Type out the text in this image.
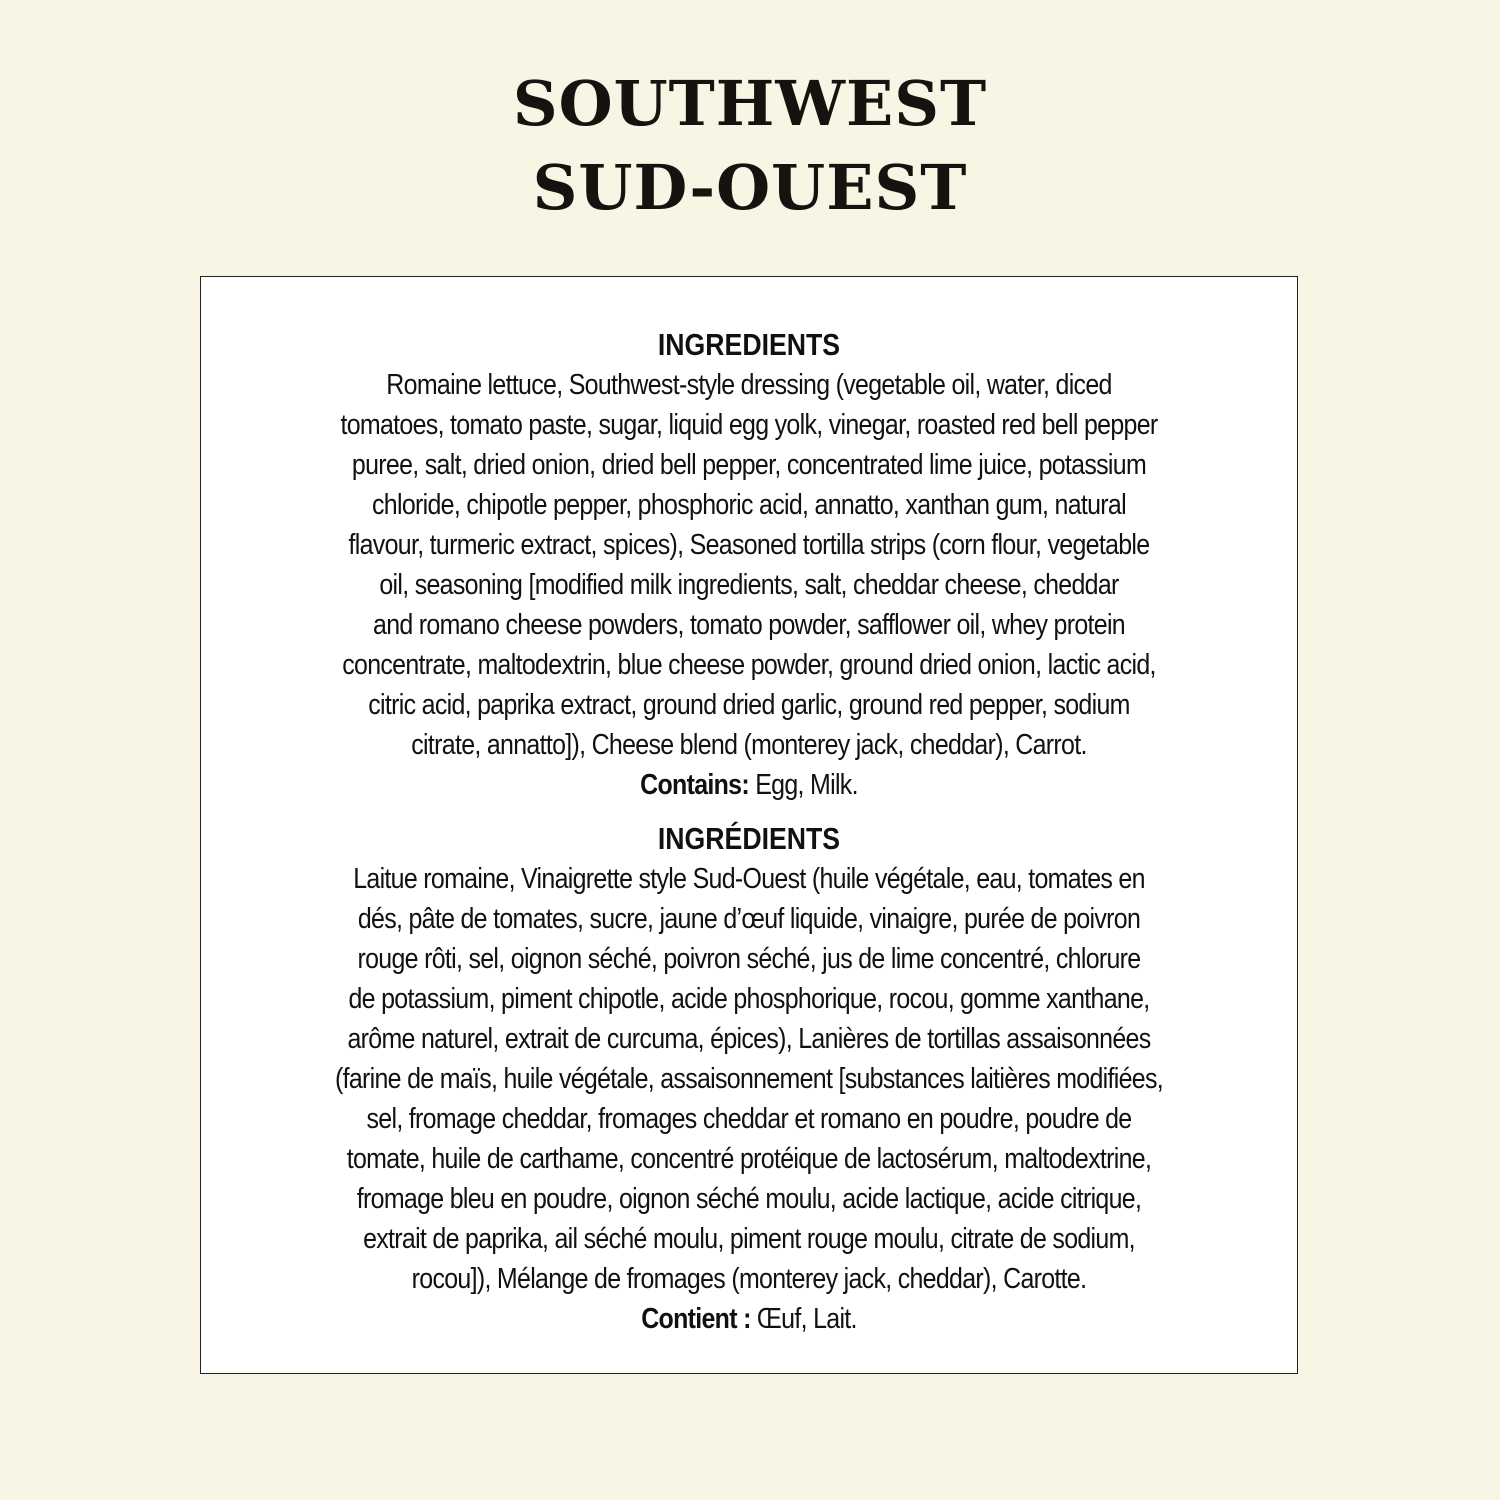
SOUTHWEST
SUD-OUEST
INGREDIENTS
Romaine lettuce, Southwest-style dressing (vegetable oil, water, diced
tomatoes, tomato paste, sugar, liquid egg yolk, vinegar, roasted red bell pepper
puree, salt, dried onion, dried bell pepper, concentrated lime juice, potassium
chloride, chipotle pepper, phosphoric acid, annatto, xanthan gum, natural
flavour, turmeric extract, spices), Seasoned tortilla strips (corn flour, vegetable
oil, seasoning [modified milk ingredients, salt, cheddar cheese, cheddar
and romano cheese powders, tomato powder, safflower oil, whey protein
concentrate, maltodextrin, blue cheese powder, ground dried onion, lactic acid,
citric acid, paprika extract, ground dried garlic, ground red pepper, sodium
citrate, annatto]), Cheese blend (monterey jack, cheddar), Carrot.
Contains: Egg, Milk.
INGRÉDIENTS
Laitue romaine, Vinaigrette style Sud-Ouest (huile végétale, eau, tomates en
dés, pâte de tomates, sucre, jaune d’œuf liquide, vinaigre, purée de poivron
rouge rôti, sel, oignon séché, poivron séché, jus de lime concentré, chlorure
de potassium, piment chipotle, acide phosphorique, rocou, gomme xanthane,
arôme naturel, extrait de curcuma, épices), Lanières de tortillas assaisonnées
(farine de maïs, huile végétale, assaisonnement [substances laitières modifiées,
sel, fromage cheddar, fromages cheddar et romano en poudre, poudre de
tomate, huile de carthame, concentré protéique de lactosérum, maltodextrine,
fromage bleu en poudre, oignon séché moulu, acide lactique, acide citrique,
extrait de paprika, ail séché moulu, piment rouge moulu, citrate de sodium,
rocou]), Mélange de fromages (monterey jack, cheddar), Carotte.
Contient : Œuf, Lait.
